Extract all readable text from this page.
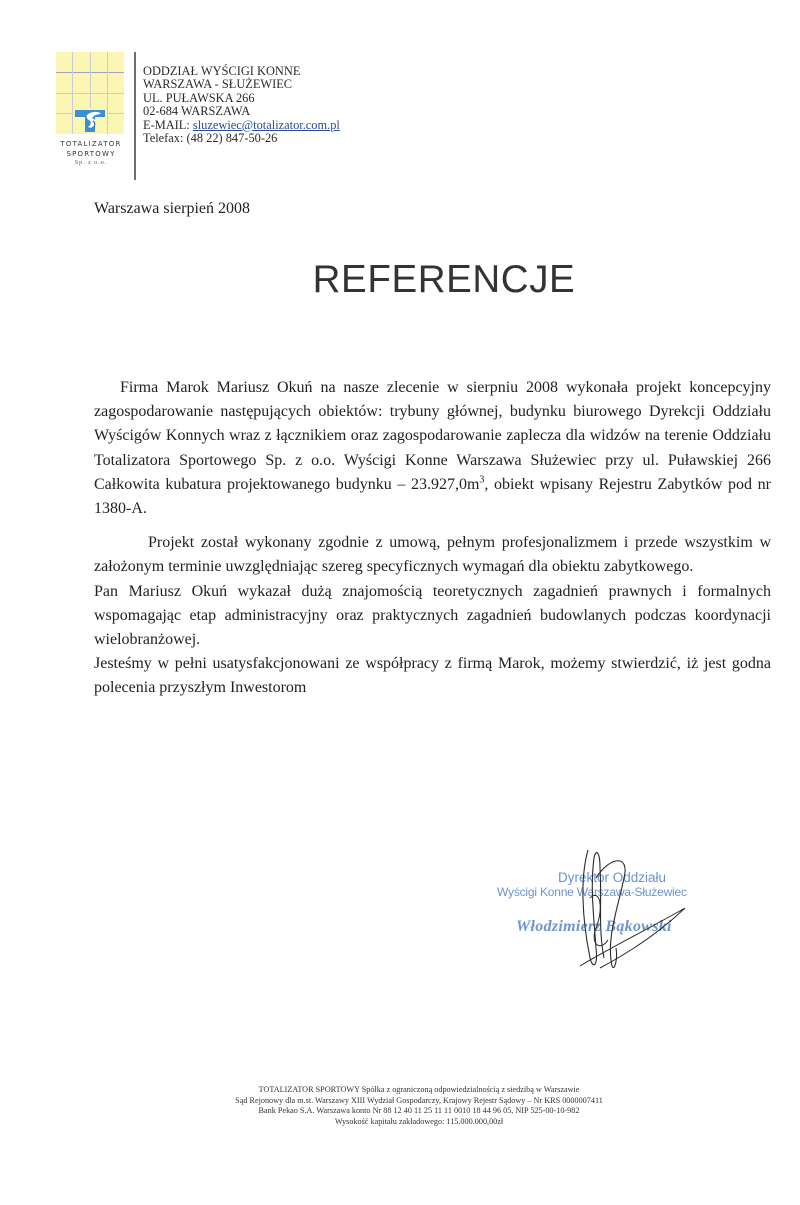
TOTALIZATOR
SPORTOWY
Sp. z o.o.
ODDZIAŁ WYŚCIGI KONNE
WARSZAWA - SŁUŻEWIEC
UL. PUŁAWSKA 266
02-684 WARSZAWA
E-MAIL: sluzewiec@totalizator.com.pl
Telefax: (48 22) 847-50-26
Warszawa sierpień 2008
REFERENCJE

Firma Marok Mariusz Okuń na nasze zlecenie w sierpniu 2008 wykonała projekt koncepcyjny zagospodarowanie następujących obiektów: trybuny głównej, budynku biurowego Dyrekcji Oddziału Wyścigów Konnych wraz z łącznikiem oraz zagospodarowanie zaplecza dla widzów na terenie Oddziału Totalizatora Sportowego Sp. z o.o. Wyścigi Konne Warszawa Służewiec przy ul. Puławskiej 266 Całkowita kubatura projektowanego budynku – $23.927,0m^3$, obiekt wpisany Rejestru Zabytków pod nr 1380-A.

Projekt został wykonany zgodnie z umową, pełnym profesjonalizmem i przede wszystkim w założonym terminie uwzględniając szereg specyficznych wymagań dla obiektu zabytkowego.

Pan Mariusz Okuń wykazał dużą znajomością teoretycznych zagadnień prawnych i formalnych wspomagając etap administracyjny oraz praktycznych zagadnień budowlanych podczas koordynacji wielobranżowej.

Jesteśmy w pełni usatysfakcjonowani ze współpracy z firmą Marok, możemy stwierdzić, iż jest godna polecenia przyszłym Inwestorom

Dyrektor Oddziału
Wyścigi Konne Warszawa-Służewiec
Włodzimierz Bąkowski
TOTALIZATOR SPORTOWY Spółka z ograniczoną odpowiedzialnością z siedzibą w Warszawie
Sąd Rejonowy dla m.st. Warszawy XIII Wydział Gospodarczy, Krajowy Rejestr Sądowy – Nr KRS 0000007411
Bank Pekao S.A. Warszawa konto Nr 88 12 40 11 25 11 11 0010 18 44 96 05, NIP 525-00-10-982
Wysokość kapitału zakładowego: 115.000.000,00zł
